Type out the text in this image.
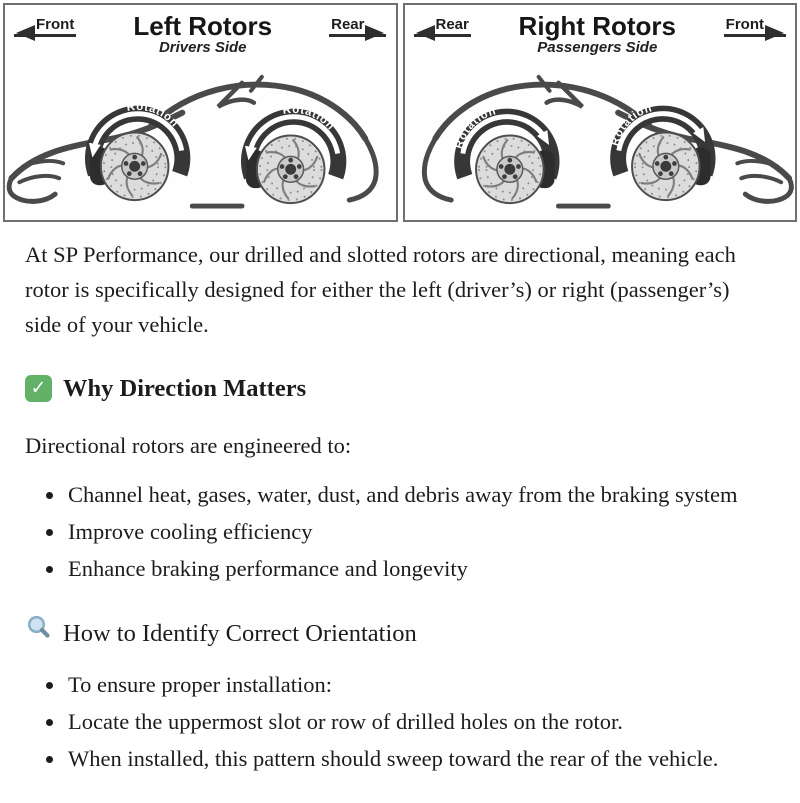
Front Left Rotors
Drivers Side
Rear
Rotation
Rotation
Rear Right Rotors
Passengers Side
Front
Rotation
Rotation

At SP Performance, our drilled and slotted rotors are directional, meaning each rotor is specifically designed for either the left (driver’s) or right (passenger’s) side of your vehicle.

✓ Why Direction Matters

Directional rotors are engineered to:

• Channel heat, gases, water, dust, and debris away from the braking system
• Improve cooling efficiency
• Enhance braking performance and longevity
How to Identify Correct Orientation
• To ensure proper installation:
• Locate the uppermost slot or row of drilled holes on the rotor.
• When installed, this pattern should sweep toward the rear of the vehicle.
